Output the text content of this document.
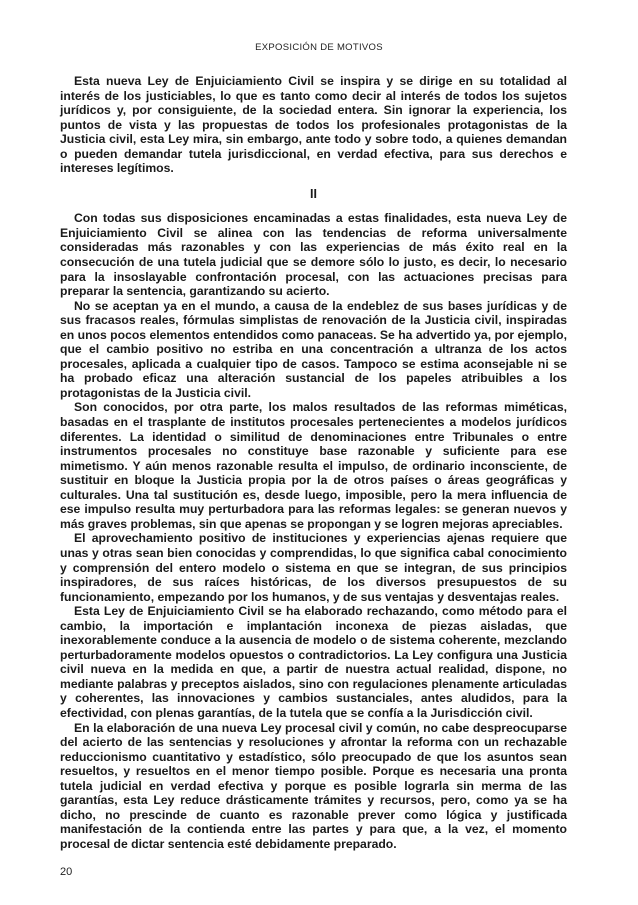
EXPOSICIÓN DE MOTIVOS

Esta nueva Ley de Enjuiciamiento Civil se inspira y se dirige en su totalidad al interés de los justiciables, lo que es tanto como decir al interés de todos los sujetos jurídicos y, por consiguiente, de la sociedad entera. Sin ignorar la experiencia, los puntos de vista y las propuestas de todos los profesionales protagonistas de la Justicia civil, esta Ley mira, sin embargo, ante todo y sobre todo, a quienes demandan o pueden demandar tutela jurisdiccional, en verdad efectiva, para sus derechos e intereses legítimos.

II

Con todas sus disposiciones encaminadas a estas finalidades, esta nueva Ley de Enjuiciamiento Civil se alinea con las tendencias de reforma universalmente consideradas más razonables y con las experiencias de más éxito real en la consecución de una tutela judicial que se demore sólo lo justo, es decir, lo necesario para la insoslayable confrontación procesal, con las actuaciones precisas para preparar la sentencia, garantizando su acierto.

No se aceptan ya en el mundo, a causa de la endeblez de sus bases jurídicas y de sus fracasos reales, fórmulas simplistas de renovación de la Justicia civil, inspiradas en unos pocos elementos entendidos como panaceas. Se ha advertido ya, por ejemplo, que el cambio positivo no estriba en una concentración a ultranza de los actos procesales, aplicada a cualquier tipo de casos. Tampoco se estima aconsejable ni se ha probado eficaz una alteración sustancial de los papeles atribuibles a los protagonistas de la Justicia civil.

Son conocidos, por otra parte, los malos resultados de las reformas miméticas, basadas en el trasplante de institutos procesales pertenecientes a modelos jurídicos diferentes. La identidad o similitud de denominaciones entre Tribunales o entre instrumentos procesales no constituye base razonable y suficiente para ese mimetismo. Y aún menos razonable resulta el impulso, de ordinario inconsciente, de sustituir en bloque la Justicia propia por la de otros países o áreas geográficas y culturales. Una tal sustitución es, desde luego, imposible, pero la mera influencia de ese impulso resulta muy perturbadora para las reformas legales: se generan nuevos y más graves problemas, sin que apenas se propongan y se logren mejoras apreciables.

El aprovechamiento positivo de instituciones y experiencias ajenas requiere que unas y otras sean bien conocidas y comprendidas, lo que significa cabal conocimiento y comprensión del entero modelo o sistema en que se integran, de sus principios inspiradores, de sus raíces históricas, de los diversos presupuestos de su funcionamiento, empezando por los humanos, y de sus ventajas y desventajas reales.

Esta Ley de Enjuiciamiento Civil se ha elaborado rechazando, como método para el cambio, la importación e implantación inconexa de piezas aisladas, que inexorablemente conduce a la ausencia de modelo o de sistema coherente, mezclando perturbadoramente modelos opuestos o contradictorios. La Ley configura una Justicia civil nueva en la medida en que, a partir de nuestra actual realidad, dispone, no mediante palabras y preceptos aislados, sino con regulaciones plenamente articuladas y coherentes, las innovaciones y cambios sustanciales, antes aludidos, para la efectividad, con plenas garantías, de la tutela que se confía a la Jurisdicción civil.

En la elaboración de una nueva Ley procesal civil y común, no cabe despreocuparse del acierto de las sentencias y resoluciones y afrontar la reforma con un rechazable reduccionismo cuantitativo y estadístico, sólo preocupado de que los asuntos sean resueltos, y resueltos en el menor tiempo posible. Porque es necesaria una pronta tutela judicial en verdad efectiva y porque es posible lograrla sin merma de las garantías, esta Ley reduce drásticamente trámites y recursos, pero, como ya se ha dicho, no prescinde de cuanto es razonable prever como lógica y justificada manifestación de la contienda entre las partes y para que, a la vez, el momento procesal de dictar sentencia esté debidamente preparado.

20
